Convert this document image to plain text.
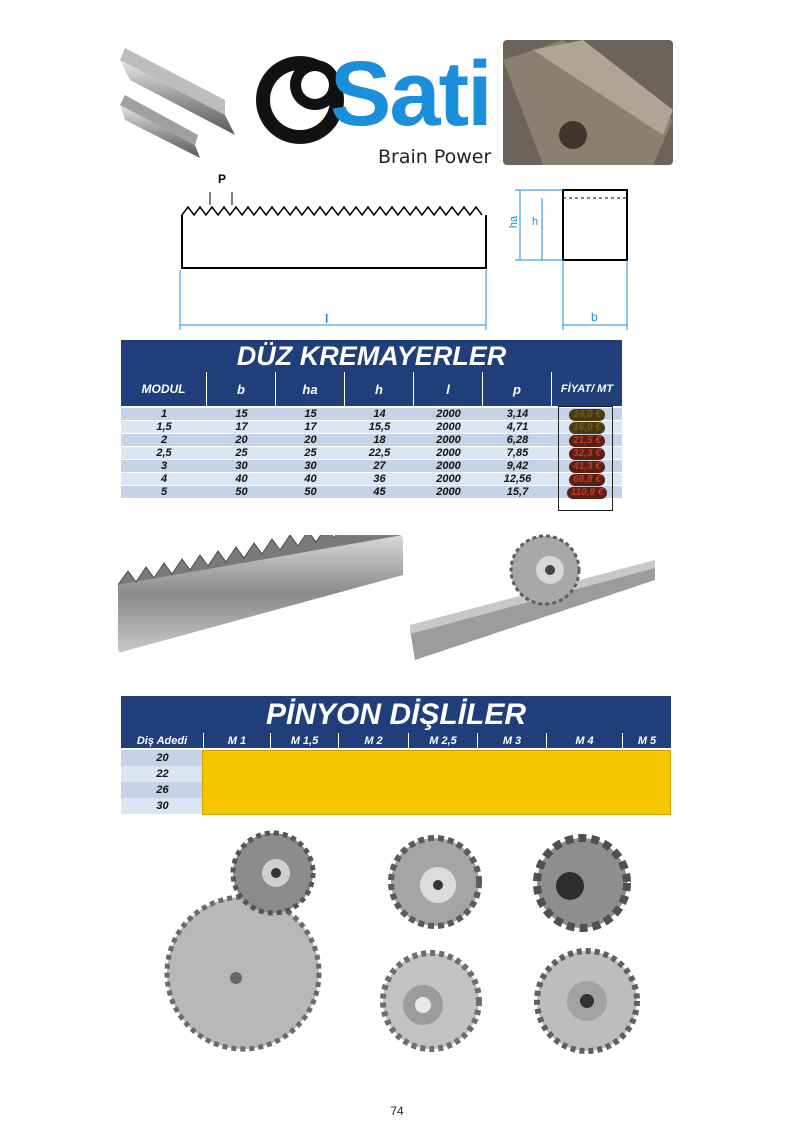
Sati
Brain Power
P
l
ha h
b
DÜZ KREMAYERLER
MODUL	b	ha	h	l	p	FİYAT/ MT
1	15	15	14	2000	3,14	14,0 €
1,5	17	17	15,5	2000	4,71	16,0 €
2	20	20	18	2000	6,28	21,5 €
2,5	25	25	22,5	2000	7,85	32,3 €
3	30	30	27	2000	9,42	41,3 €
4	40	40	36	2000	12,56	68,8 €
5	50	50	45	2000	15,7	110,9 €
PİNYON DİŞLİLER
Diş Adedi	M 1	M 1,5	M 2	M 2,5	M 3	M 4	M 5
20
22
26
30
74
